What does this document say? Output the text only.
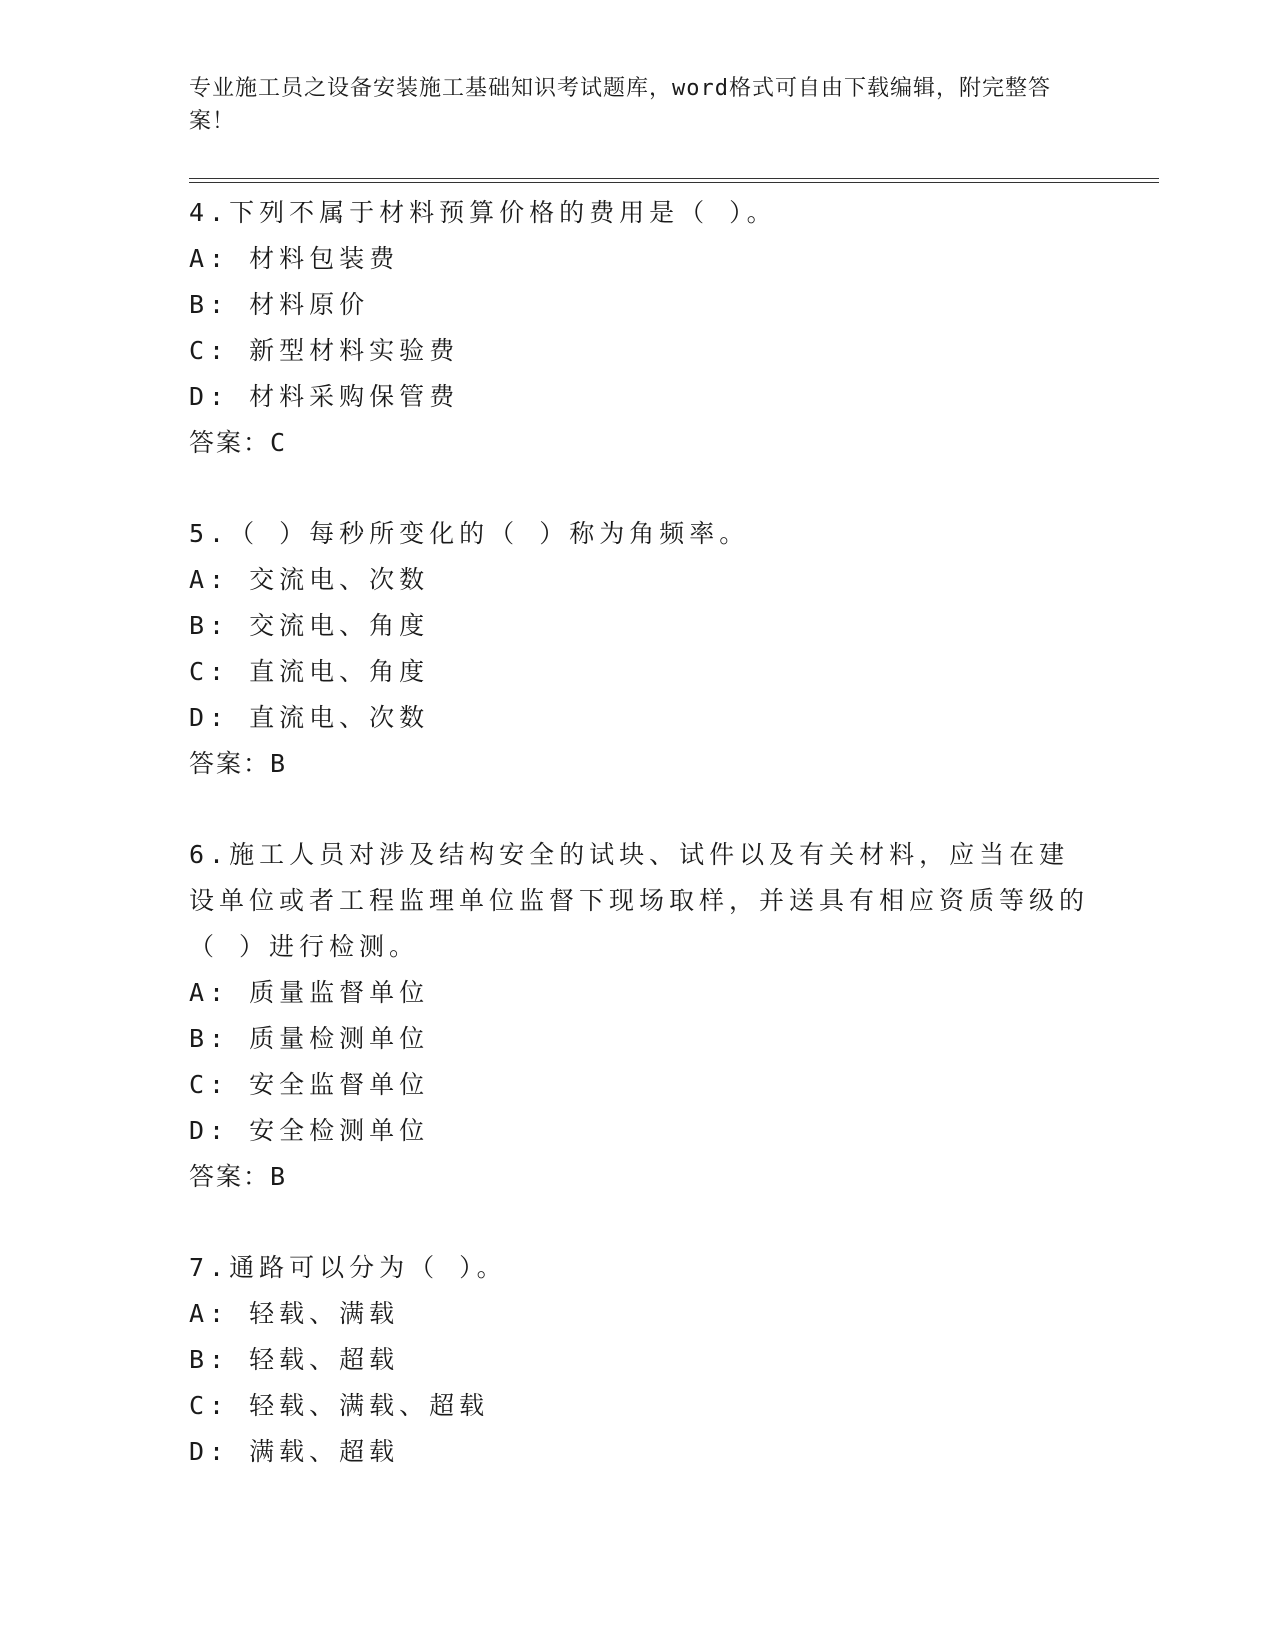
专业施工员之设备安装施工基础知识考试题库，word格式可自由下载编辑，附完整答案！
4.下列不属于材料预算价格的费用是（ ）。
A: 材料包装费
B: 材料原价
C: 新型材料实验费
D: 材料采购保管费
答案：C
5.（ ）每秒所变化的（ ）称为角频率。
A: 交流电、次数
B: 交流电、角度
C: 直流电、角度
D: 直流电、次数
答案：B
6.施工人员对涉及结构安全的试块、试件以及有关材料，应当在建设单位或者工程监理单位监督下现场取样，并送具有相应资质等级的（ ）进行检测。
A: 质量监督单位
B: 质量检测单位
C: 安全监督单位
D: 安全检测单位
答案：B
7.通路可以分为（ ）。
A: 轻载、满载
B: 轻载、超载
C: 轻载、满载、超载
D: 满载、超载
